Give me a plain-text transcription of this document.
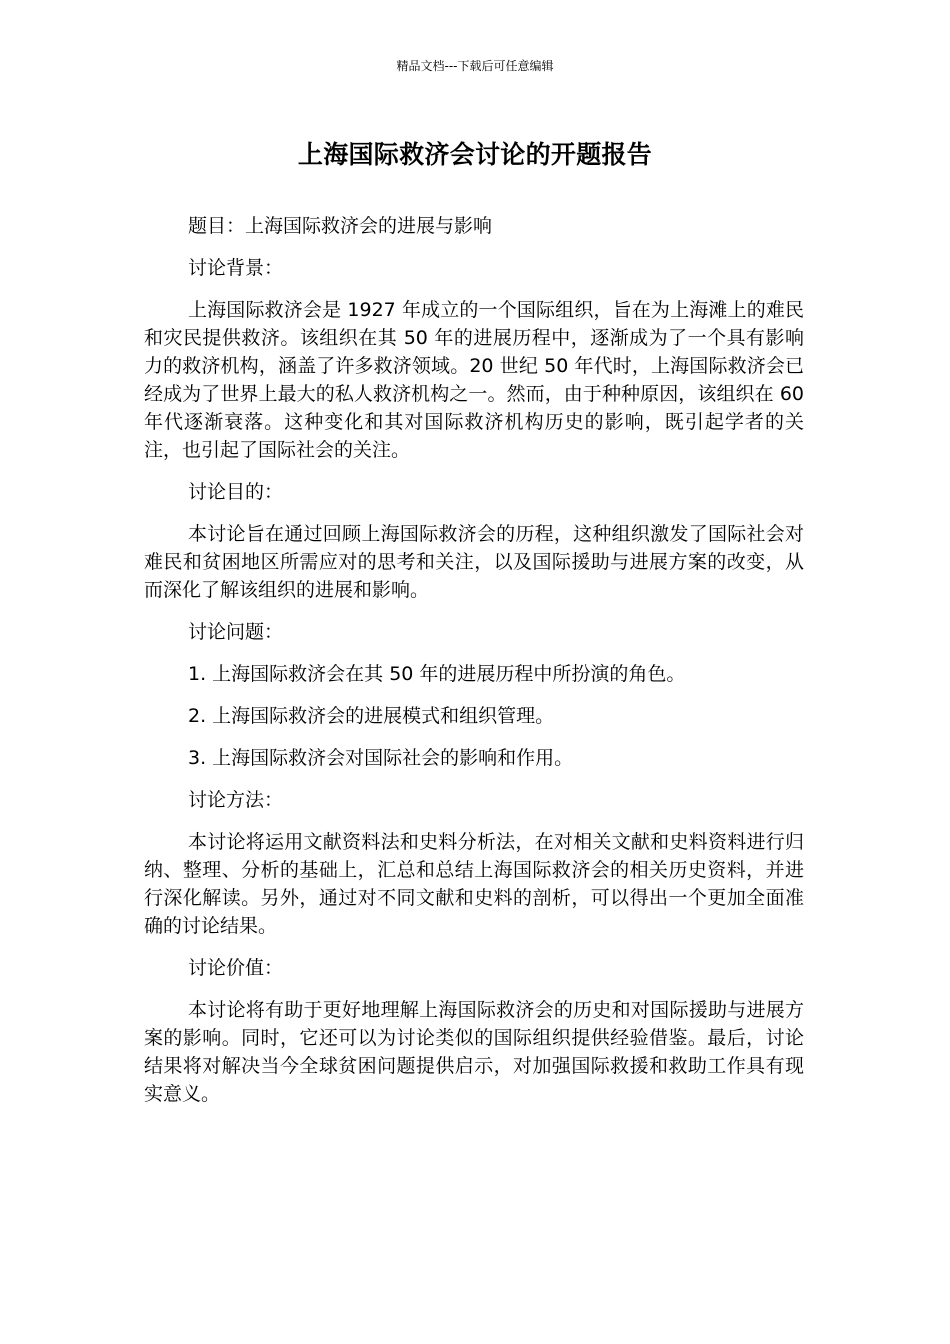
精品文档---下载后可任意编辑
上海国际救济会讨论的开题报告

题目：上海国际救济会的进展与影响

讨论背景：

上海国际救济会是 1927 年成立的一个国际组织，旨在为上海滩上的难民和灾民提供救济。该组织在其 50 年的进展历程中，逐渐成为了一个具有影响力的救济机构，涵盖了许多救济领域。20 世纪 50 年代时，上海国际救济会已经成为了世界上最大的私人救济机构之一。然而，由于种种原因，该组织在 60 年代逐渐衰落。这种变化和其对国际救济机构历史的影响，既引起学者的关注，也引起了国际社会的关注。

讨论目的：

本讨论旨在通过回顾上海国际救济会的历程，这种组织激发了国际社会对难民和贫困地区所需应对的思考和关注，以及国际援助与进展方案的改变，从而深化了解该组织的进展和影响。

讨论问题：

1. 上海国际救济会在其 50 年的进展历程中所扮演的角色。

2. 上海国际救济会的进展模式和组织管理。

3. 上海国际救济会对国际社会的影响和作用。

讨论方法：

本讨论将运用文献资料法和史料分析法，在对相关文献和史料资料进行归纳、整理、分析的基础上，汇总和总结上海国际救济会的相关历史资料，并进行深化解读。另外，通过对不同文献和史料的剖析，可以得出一个更加全面准确的讨论结果。

讨论价值：

本讨论将有助于更好地理解上海国际救济会的历史和对国际援助与进展方案的影响。同时，它还可以为讨论类似的国际组织提供经验借鉴。最后，讨论结果将对解决当今全球贫困问题提供启示，对加强国际救援和救助工作具有现实意义。
